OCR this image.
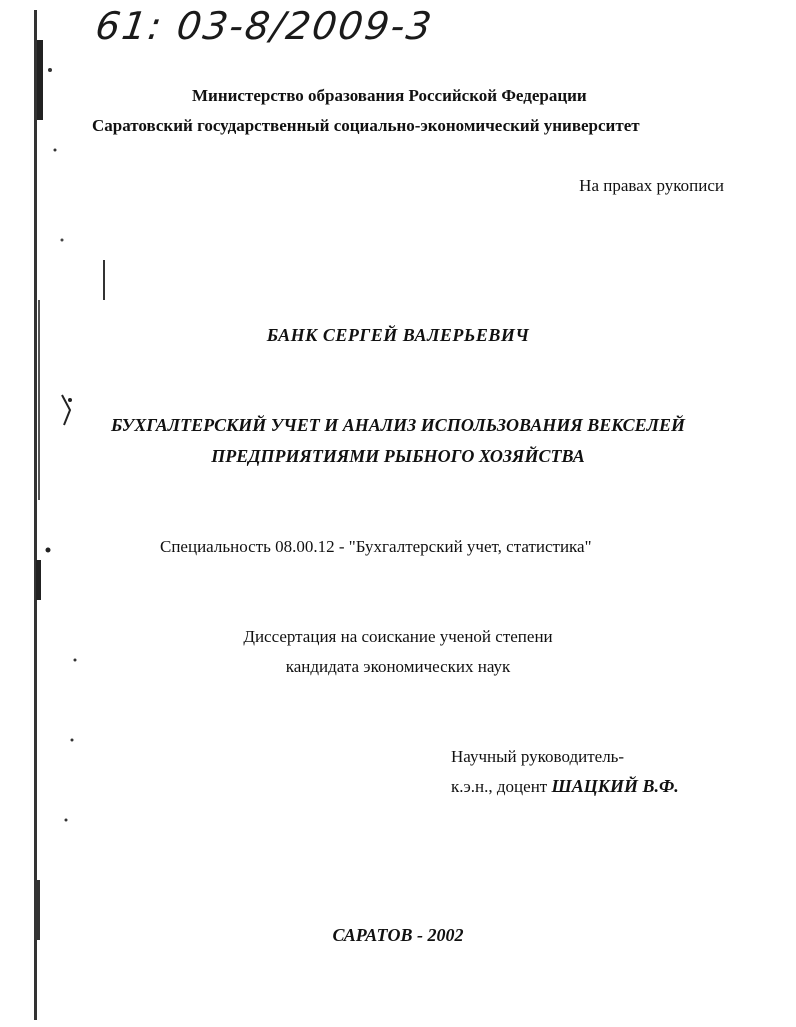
61: 03-8/2009-3
Министерство образования Российской Федерации
Саратовский государственный социально-экономический университет
На правах рукописи
БАНК СЕРГЕЙ ВАЛЕРЬЕВИЧ
БУХГАЛТЕРСКИЙ УЧЕТ И АНАЛИЗ ИСПОЛЬЗОВАНИЯ ВЕКСЕЛЕЙ
ПРЕДПРИЯТИЯМИ РЫБНОГО ХОЗЯЙСТВА
Специальность 08.00.12 - "Бухгалтерский учет, статистика"
Диссертация на соискание ученой степени
кандидата экономических наук
Научный руководитель-
к.э.н., доцент ШАЦКИЙ В.Ф.
САРАТОВ - 2002
